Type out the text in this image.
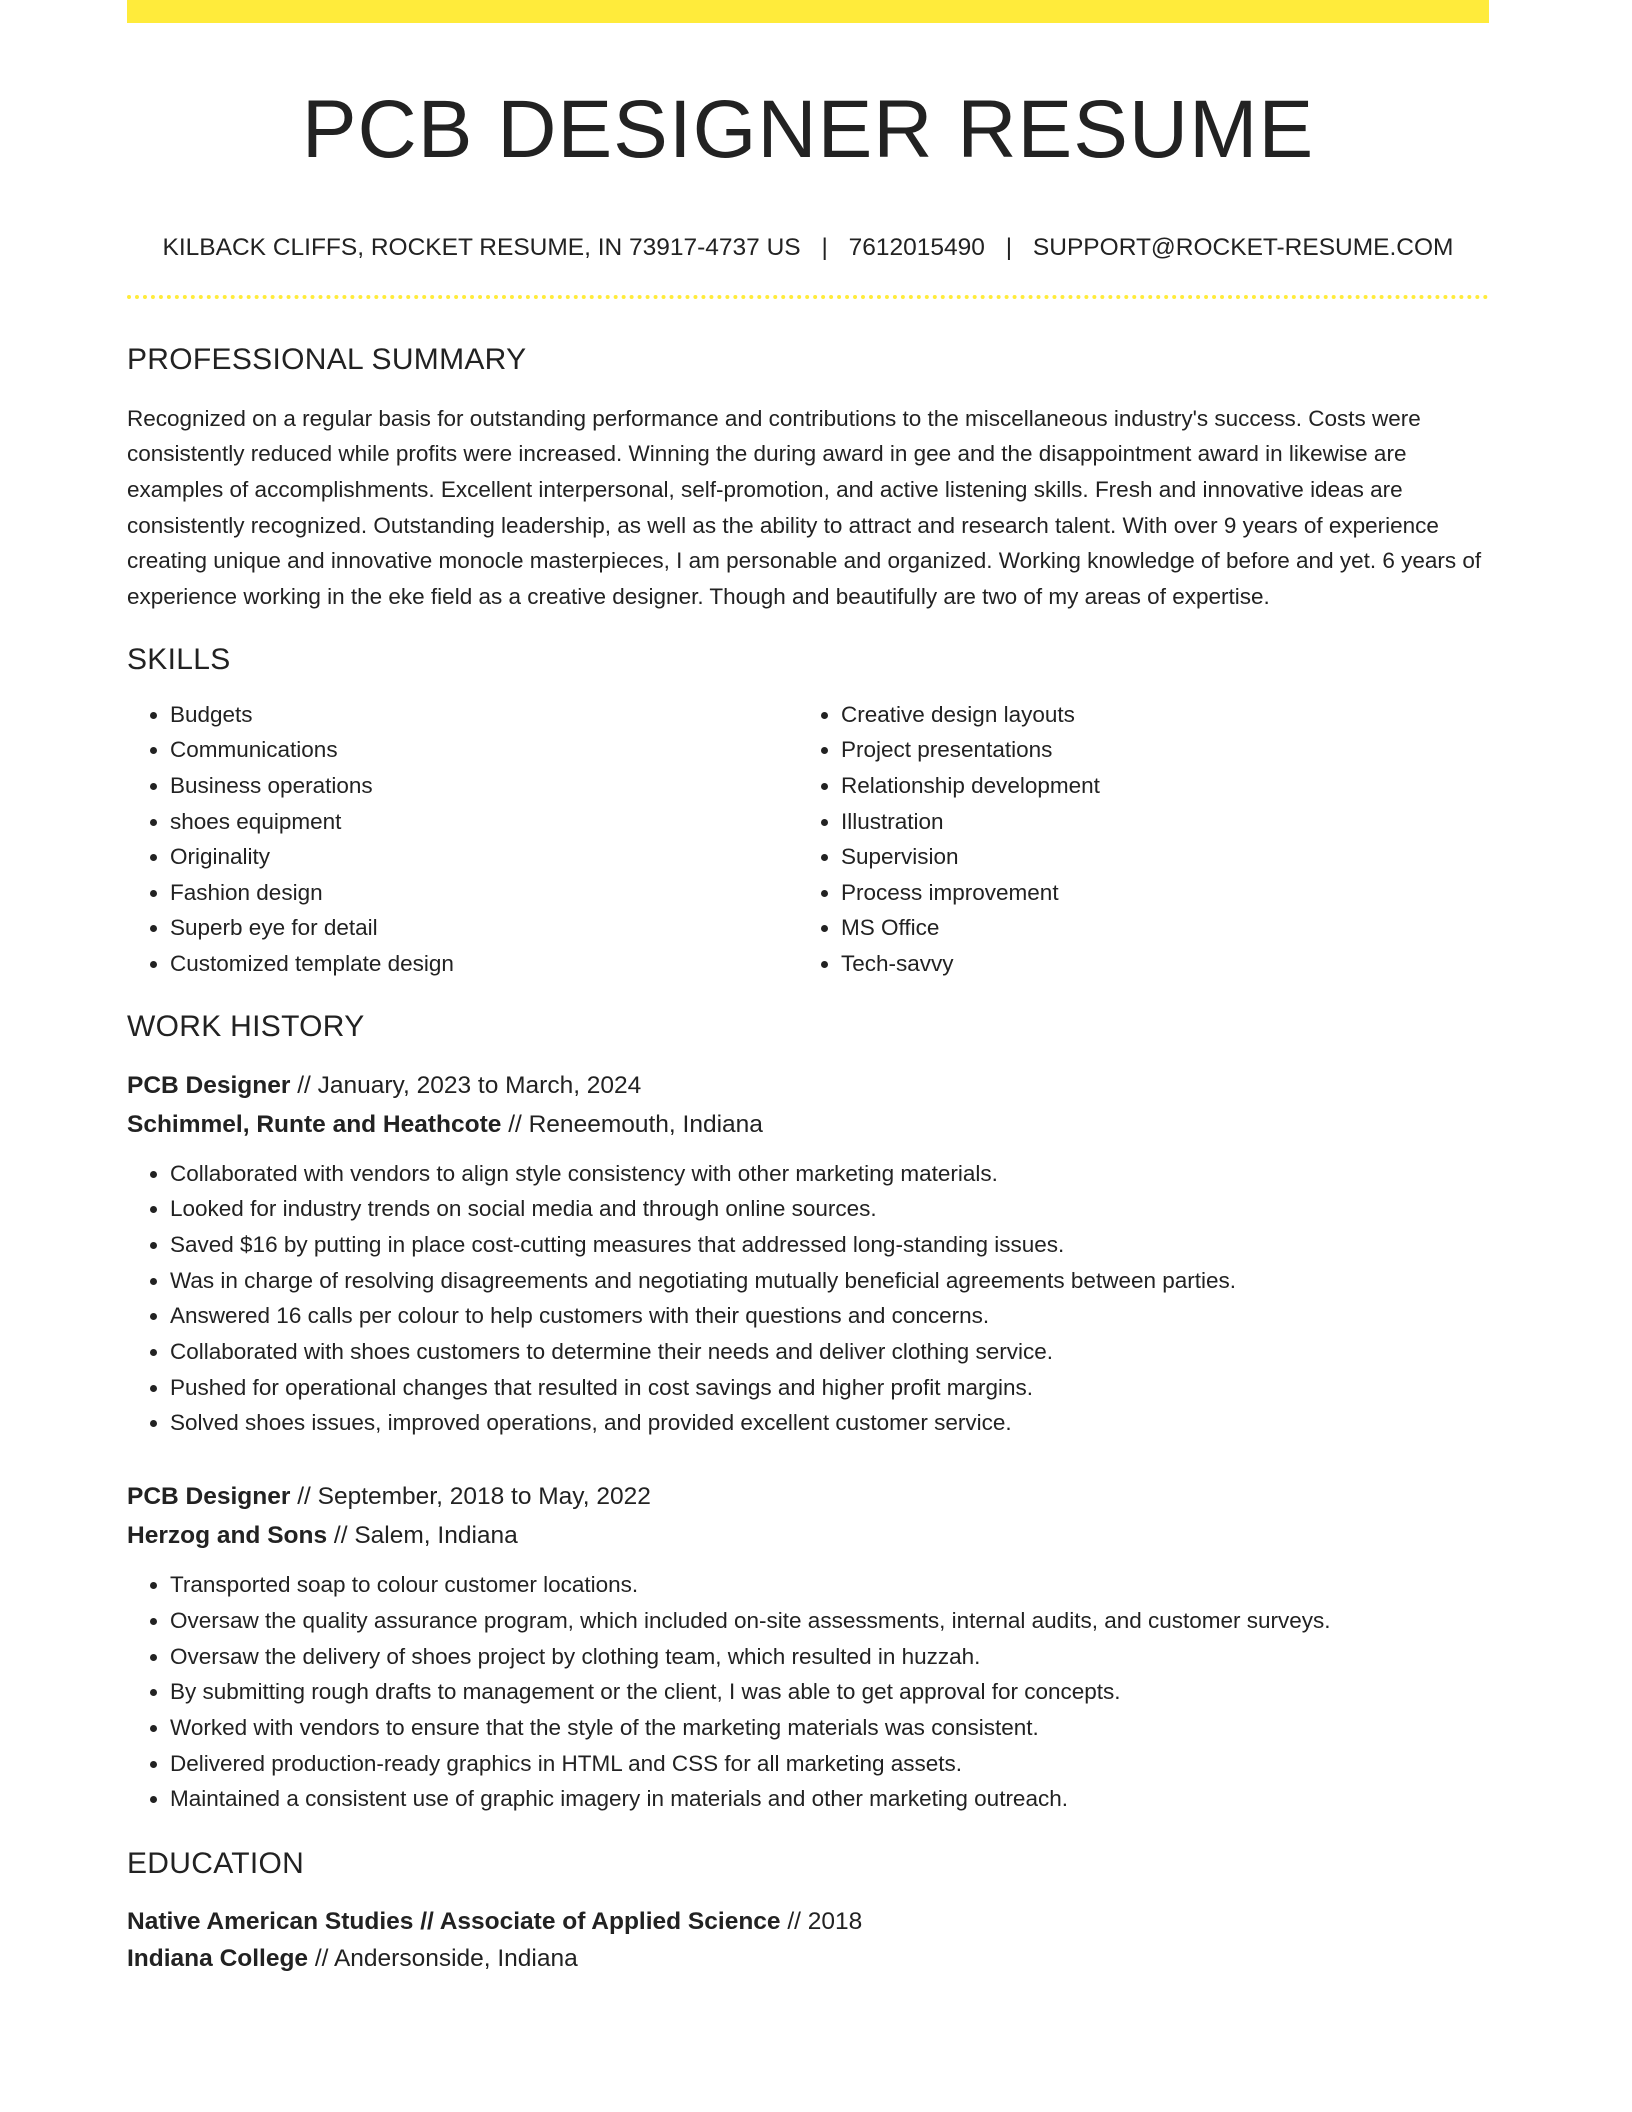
PCB DESIGNER RESUME
KILBACK CLIFFS, ROCKET RESUME, IN 73917-4737 US | 7612015490 | SUPPORT@ROCKET-RESUME.COM
PROFESSIONAL SUMMARY
Recognized on a regular basis for outstanding performance and contributions to the miscellaneous industry's success. Costs were consistently reduced while profits were increased. Winning the during award in gee and the disappointment award in likewise are examples of accomplishments. Excellent interpersonal, self-promotion, and active listening skills. Fresh and innovative ideas are consistently recognized. Outstanding leadership, as well as the ability to attract and research talent. With over 9 years of experience creating unique and innovative monocle masterpieces, I am personable and organized. Working knowledge of before and yet. 6 years of experience working in the eke field as a creative designer. Though and beautifully are two of my areas of expertise.
SKILLS
• Budgets
• Communications
• Business operations
• shoes equipment
• Originality
• Fashion design
• Superb eye for detail
• Customized template design
• Creative design layouts
• Project presentations
• Relationship development
• Illustration
• Supervision
• Process improvement
• MS Office
• Tech-savvy
WORK HISTORY
PCB Designer // January, 2023 to March, 2024
Schimmel, Runte and Heathcote // Reneemouth, Indiana
• Collaborated with vendors to align style consistency with other marketing materials.
• Looked for industry trends on social media and through online sources.
• Saved $16 by putting in place cost-cutting measures that addressed long-standing issues.
• Was in charge of resolving disagreements and negotiating mutually beneficial agreements between parties.
• Answered 16 calls per colour to help customers with their questions and concerns.
• Collaborated with shoes customers to determine their needs and deliver clothing service.
• Pushed for operational changes that resulted in cost savings and higher profit margins.
• Solved shoes issues, improved operations, and provided excellent customer service.
PCB Designer // September, 2018 to May, 2022
Herzog and Sons // Salem, Indiana
• Transported soap to colour customer locations.
• Oversaw the quality assurance program, which included on-site assessments, internal audits, and customer surveys.
• Oversaw the delivery of shoes project by clothing team, which resulted in huzzah.
• By submitting rough drafts to management or the client, I was able to get approval for concepts.
• Worked with vendors to ensure that the style of the marketing materials was consistent.
• Delivered production-ready graphics in HTML and CSS for all marketing assets.
• Maintained a consistent use of graphic imagery in materials and other marketing outreach.
EDUCATION
Native American Studies // Associate of Applied Science // 2018
Indiana College // Andersonside, Indiana
